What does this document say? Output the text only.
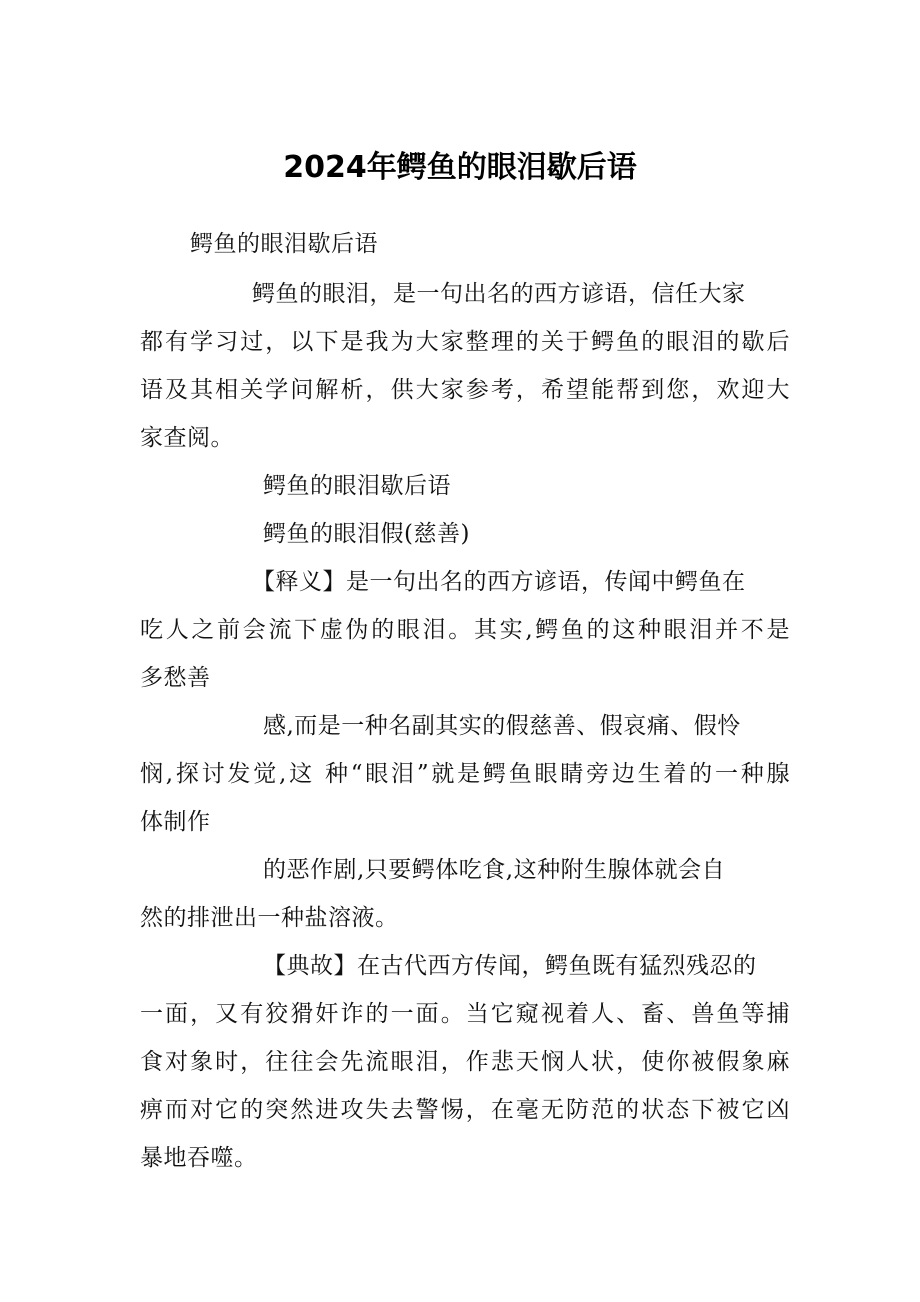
2024年鳄鱼的眼泪歇后语
鳄鱼的眼泪歇后语
鳄鱼的眼泪，是一句出名的西方谚语，信任大家
都有学习过，以下是我为大家整理的关于鳄鱼的眼泪的歇后
语及其相关学问解析，供大家参考，希望能帮到您，欢迎大
家查阅。
鳄鱼的眼泪歇后语
鳄鱼的眼泪假(慈善)
【释义】是一句出名的西方谚语，传闻中鳄鱼在
吃人之前会流下虚伪的眼泪。其实,鳄鱼的这种眼泪并不是
多愁善
感,而是一种名副其实的假慈善、假哀痛、假怜
悯,探讨发觉,这 种“眼泪”就是鳄鱼眼睛旁边生着的一种腺
体制作
的恶作剧,只要鳄体吃食,这种附生腺体就会自
然的排泄出一种盐溶液。
【典故】在古代西方传闻，鳄鱼既有猛烈残忍的
一面，又有狡猾奸诈的一面。当它窥视着人、畜、兽鱼等捕
食对象时，往往会先流眼泪，作悲天悯人状，使你被假象麻
痹而对它的突然进攻失去警惕，在毫无防范的状态下被它凶
暴地吞噬。
